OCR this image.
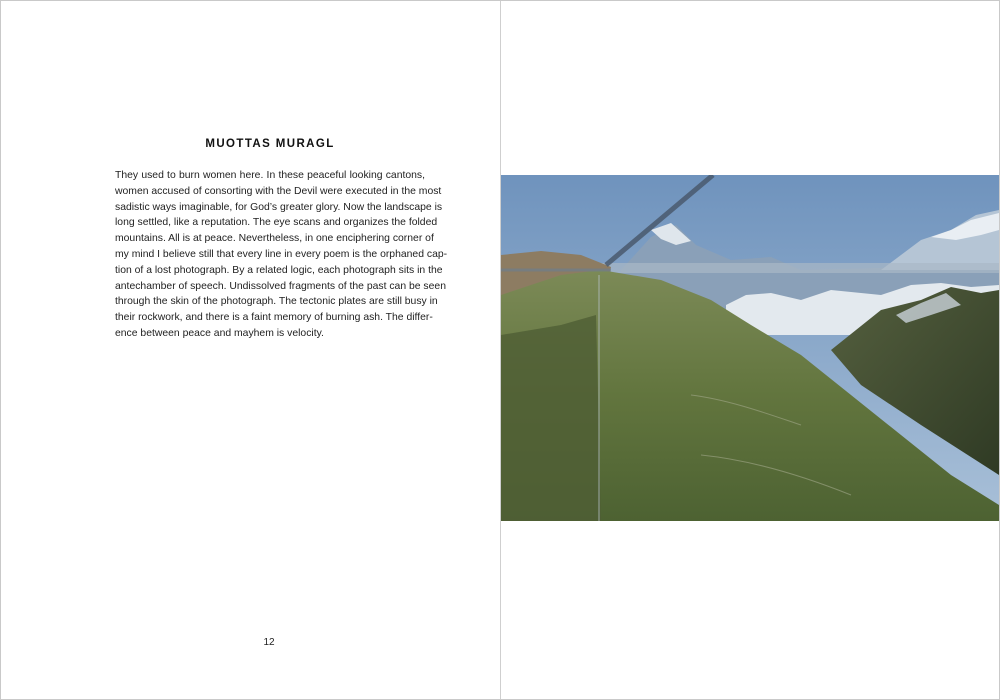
MUOTTAS MURAGL
They used to burn women here. In these peaceful looking cantons,
women accused of consorting with the Devil were executed in the most
sadistic ways imaginable, for God’s greater glory. Now the landscape is
long settled, like a reputation. The eye scans and organizes the folded
mountains. All is at peace. Nevertheless, in one enciphering corner of
my mind I believe still that every line in every poem is the orphaned cap-
tion of a lost photograph. By a related logic, each photograph sits in the
antechamber of speech. Undissolved fragments of the past can be seen
through the skin of the photograph. The tectonic plates are still busy in
their rockwork, and there is a faint memory of burning ash. The differ-
ence between peace and mayhem is velocity.
12
